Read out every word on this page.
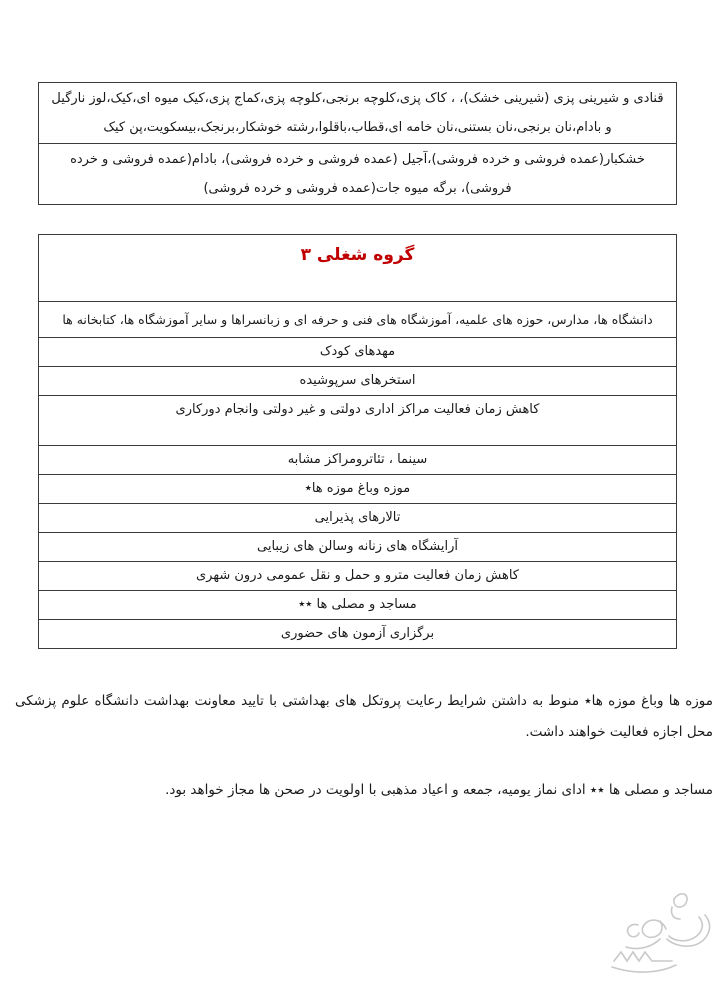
قنادی و شیرینی پزی (شیرینی خشک)، ، کاک پزی،کلوچه برنجی،کلوچه پزی،کماج پزی،کیک میوه ای،کیک،لوز نارگیل و بادام،نان برنجی،نان بستنی،نان خامه ای،قطاب،باقلوا،رشته خوشکار،برنجک،بیسکویت،پن کیک
خشکبار(عمده فروشی و خرده فروشی)،آجیل (عمده فروشی و خرده فروشی)، بادام(عمده فروشی و خرده فروشی)، برگه میوه جات(عمده فروشی و خرده فروشی)
گروه شغلی ۳
دانشگاه ها، مدارس، حوزه های علمیه، آموزشگاه های فنی و حرفه ای و زبانسراها و سایر آموزشگاه ها، کتابخانه ها
مهدهای کودک
استخرهای سرپوشیده
کاهش زمان فعالیت مراکز اداری دولتی و غیر دولتی وانجام دورکاری
سینما ، تئاترومراکز مشابه
موزه وباغ موزه ها٭
تالارهای پذیرایی
آرایشگاه های زنانه وسالن های زیبایی
کاهش زمان فعالیت مترو و حمل و نقل عمومی درون شهری
مساجد و مصلی ها ٭٭
برگزاری آزمون های حضوری

موزه ها وباغ موزه ها٭ منوط به داشتن شرایط رعایت پروتکل های بهداشتی با تایید معاونت بهداشت دانشگاه علوم پزشکی محل اجازه فعالیت خواهند داشت.

مساجد و مصلی ها ٭٭ ادای نماز یومیه، جمعه و اعیاد مذهبی با اولویت در صحن ها مجاز خواهد بود.
